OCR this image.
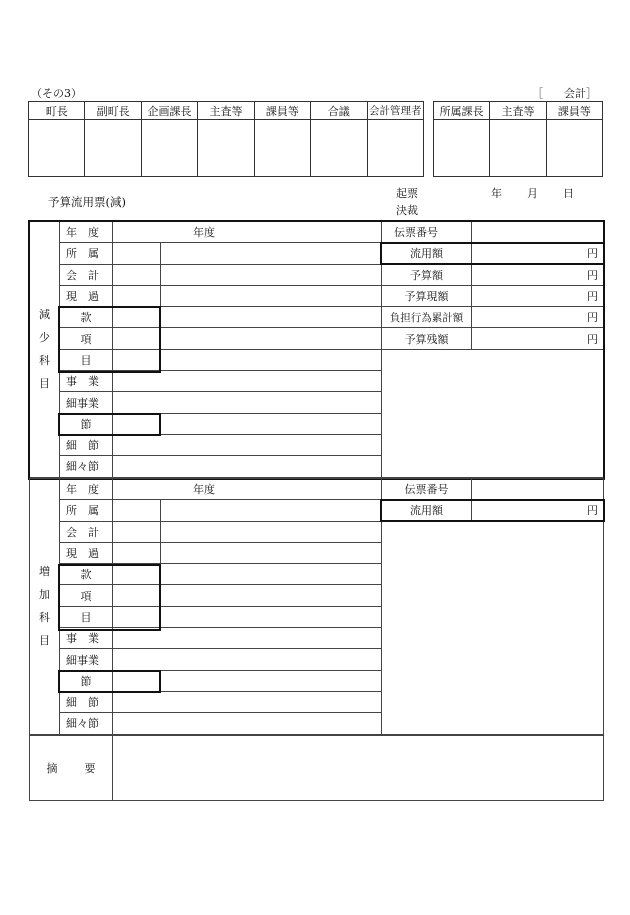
（その3）	［ 会計］
町長	副町長	企画課長	主査等	課員等	合議	会計管理者
						所属課長	主査等	課員等

予算流用票(減)
起票
決裁
年 月 日
減
少
科
目	年　度	年度		伝票番号	

	所　属			流用額	円
	会　計			予算額	円
	現　過			予算現額	円
	款			負担行為累計額	円
	項			予算残額	円
	目				
	事　業				
	細事業				
	節				
	細　節				
	細々節				
増
加
科
目	年　度	年度		伝票番号	
	所　属			流用額	円
	会　計				
	現　過				
	款				
	項				
	目				
	事　業				
	細事業				
	節				
	細　節				
	細々節				
摘 要	
